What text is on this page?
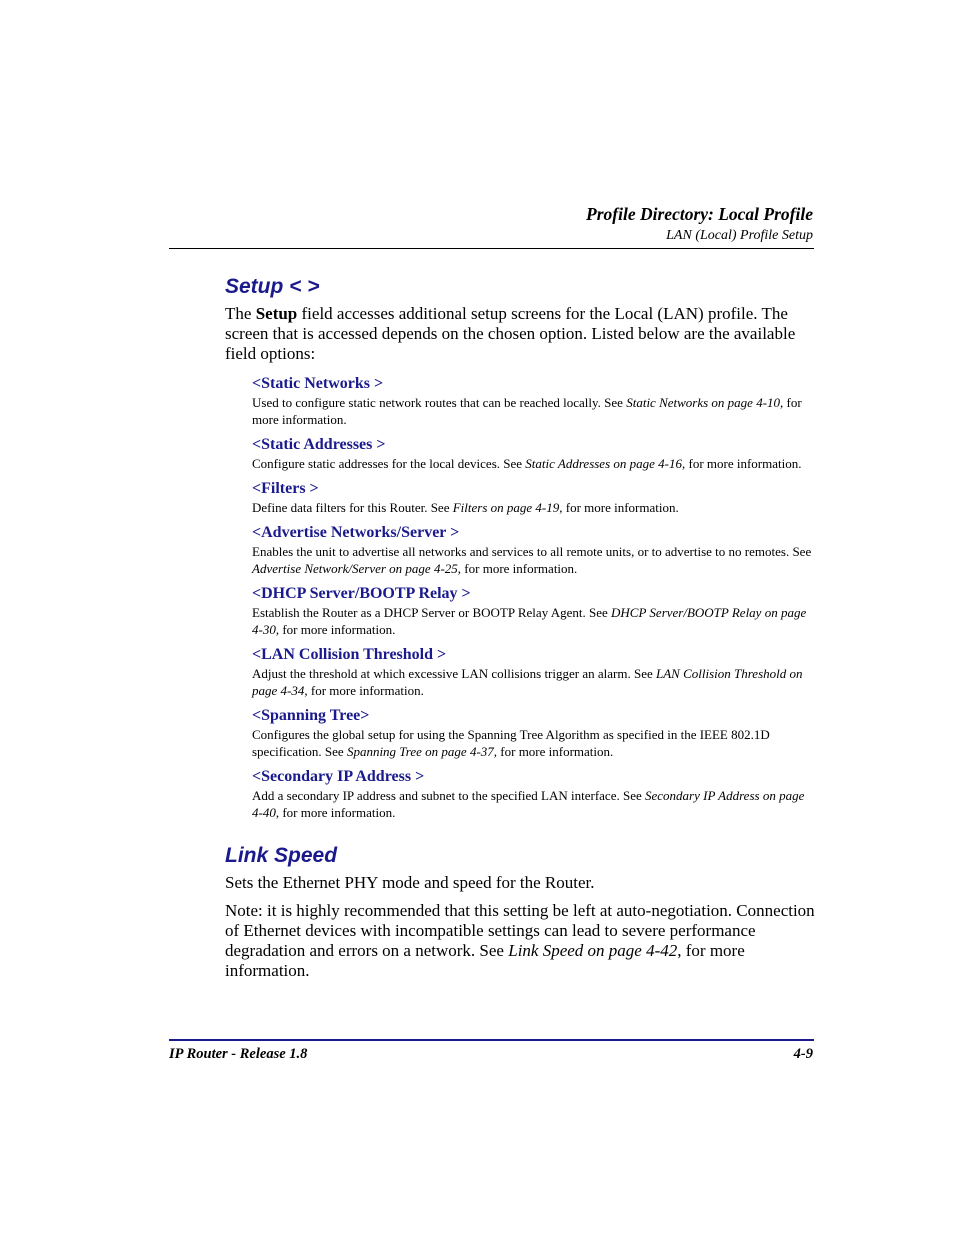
Profile Directory: Local Profile
LAN (Local) Profile Setup
Setup < >

The Setup field accesses additional setup screens for the Local (LAN) profile. The screen that is accessed depends on the chosen option. Listed below are the available field options:

<Static Networks >

Used to configure static network routes that can be reached locally. See Static Networks on page 4-10, for more information.

<Static Addresses >

Configure static addresses for the local devices. See Static Addresses on page 4-16, for more information.

<Filters >

Define data filters for this Router. See Filters on page 4-19, for more information.

<Advertise Networks/Server >

Enables the unit to advertise all networks and services to all remote units, or to advertise to no remotes. See Advertise Network/Server on page 4-25, for more information.

<DHCP Server/BOOTP Relay >

Establish the Router as a DHCP Server or BOOTP Relay Agent. See DHCP Server/BOOTP Relay on page 4-30, for more information.

<LAN Collision Threshold >

Adjust the threshold at which excessive LAN collisions trigger an alarm. See LAN Collision Threshold on page 4-34, for more information.

<Spanning Tree>

Configures the global setup for using the Spanning Tree Algorithm as specified in the IEEE 802.1D specification. See Spanning Tree on page 4-37, for more information.

<Secondary IP Address >

Add a secondary IP address and subnet to the specified LAN interface. See Secondary IP Address on page 4-40, for more information.

Link Speed

Sets the Ethernet PHY mode and speed for the Router.

Note: it is highly recommended that this setting be left at auto-negotiation. Connection of Ethernet devices with incompatible settings can lead to severe performance degradation and errors on a network. See Link Speed on page 4-42, for more information.

IP Router - Release 1.8	4-9
